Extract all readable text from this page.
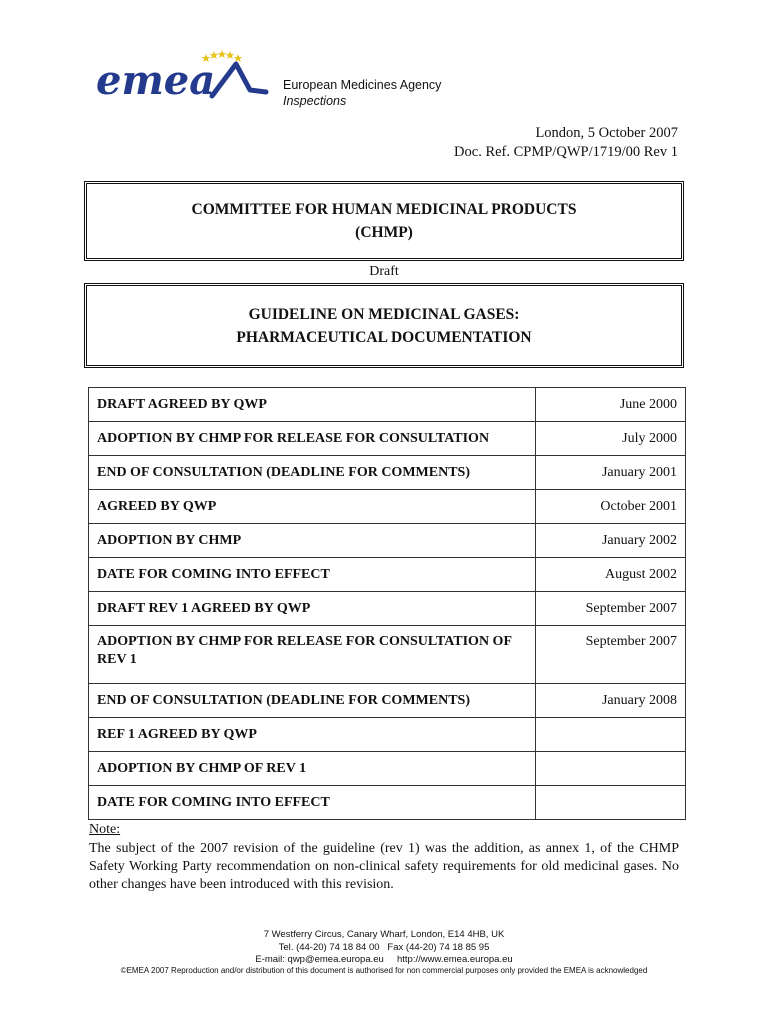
emea	European Medicines Agency
Inspections
London, 5 October 2007
Doc. Ref. CPMP/QWP/1719/00 Rev 1
COMMITTEE FOR HUMAN MEDICINAL PRODUCTS
(CHMP)
Draft
GUIDELINE ON MEDICINAL GASES:
PHARMACEUTICAL DOCUMENTATION
DRAFT AGREED BY QWP	June 2000
ADOPTION BY CHMP FOR RELEASE FOR CONSULTATION	July 2000
END OF CONSULTATION (DEADLINE FOR COMMENTS)	January 2001
AGREED BY QWP	October 2001
ADOPTION BY CHMP	January 2002
DATE FOR COMING INTO EFFECT	August 2002
DRAFT REV 1 AGREED BY QWP	September 2007
ADOPTION BY CHMP FOR RELEASE FOR CONSULTATION OF REV 1	September 2007
END OF CONSULTATION (DEADLINE FOR COMMENTS)	January 2008
REF 1 AGREED BY QWP	
ADOPTION BY CHMP OF REV 1	
DATE FOR COMING INTO EFFECT	
Note:
The subject of the 2007 revision of the guideline (rev 1) was the addition, as annex 1, of the CHMP Safety Working Party recommendation on non-clinical safety requirements for old medicinal gases. No other changes have been introduced with this revision.
7 Westferry Circus, Canary Wharf, London, E14 4HB, UK
Tel. (44-20) 74 18 84 00   Fax (44-20) 74 18 85 95
E-mail: qwp@emea.europa.eu     http://www.emea.europa.eu
©EMEA 2007 Reproduction and/or distribution of this document is authorised for non commercial purposes only provided the EMEA is acknowledged
